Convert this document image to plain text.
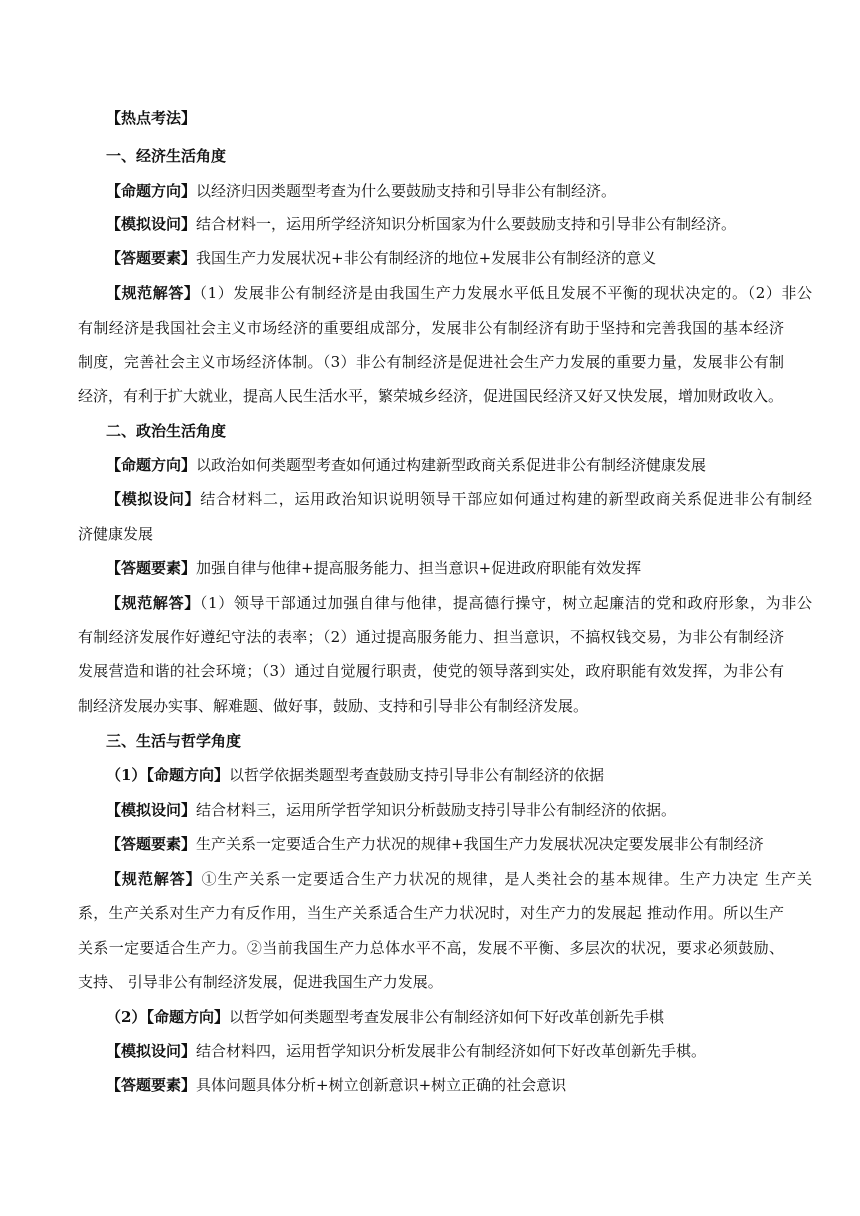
【热点考法】
一、经济生活角度
【命题方向】以经济归因类题型考查为什么要鼓励支持和引导非公有制经济。
【模拟设问】结合材料一，运用所学经济知识分析国家为什么要鼓励支持和引导非公有制经济。
【答题要素】我国生产力发展状况+非公有制经济的地位+发展非公有制经济的意义
【规范解答】（1）发展非公有制经济是由我国生产力发展水平低且发展不平衡的现状决定的。（2）非公
有制经济是我国社会主义市场经济的重要组成部分，发展非公有制经济有助于坚持和完善我国的基本经济
制度，完善社会主义市场经济体制。（3）非公有制经济是促进社会生产力发展的重要力量，发展非公有制
经济，有利于扩大就业，提高人民生活水平，繁荣城乡经济，促进国民经济又好又快发展，增加财政收入。
二、政治生活角度
【命题方向】以政治如何类题型考查如何通过构建新型政商关系促进非公有制经济健康发展
【模拟设问】结合材料二，运用政治知识说明领导干部应如何通过构建的新型政商关系促进非公有制经
济健康发展
【答题要素】加强自律与他律+提高服务能力、担当意识+促进政府职能有效发挥
【规范解答】（1）领导干部通过加强自律与他律，提高德行操守，树立起廉洁的党和政府形象，为非公
有制经济发展作好遵纪守法的表率；（2）通过提高服务能力、担当意识，不搞权钱交易，为非公有制经济
发展营造和谐的社会环境；（3）通过自觉履行职责，使党的领导落到实处，政府职能有效发挥，为非公有
制经济发展办实事、解难题、做好事，鼓励、支持和引导非公有制经济发展。
三、生活与哲学角度
（1）【命题方向】以哲学依据类题型考查鼓励支持引导非公有制经济的依据
【模拟设问】结合材料三，运用所学哲学知识分析鼓励支持引导非公有制经济的依据。
【答题要素】生产关系一定要适合生产力状况的规律+我国生产力发展状况决定要发展非公有制经济
【规范解答】①生产关系一定要适合生产力状况的规律，是人类社会的基本规律。生产力决定 生产关
系，生产关系对生产力有反作用，当生产关系适合生产力状况时，对生产力的发展起 推动作用。所以生产
关系一定要适合生产力。②当前我国生产力总体水平不高，发展不平衡、多层次的状况，要求必须鼓励、
支持、 引导非公有制经济发展，促进我国生产力发展。
（2）【命题方向】以哲学如何类题型考查发展非公有制经济如何下好改革创新先手棋
【模拟设问】结合材料四，运用哲学知识分析发展非公有制经济如何下好改革创新先手棋。
【答题要素】具体问题具体分析+树立创新意识+树立正确的社会意识
